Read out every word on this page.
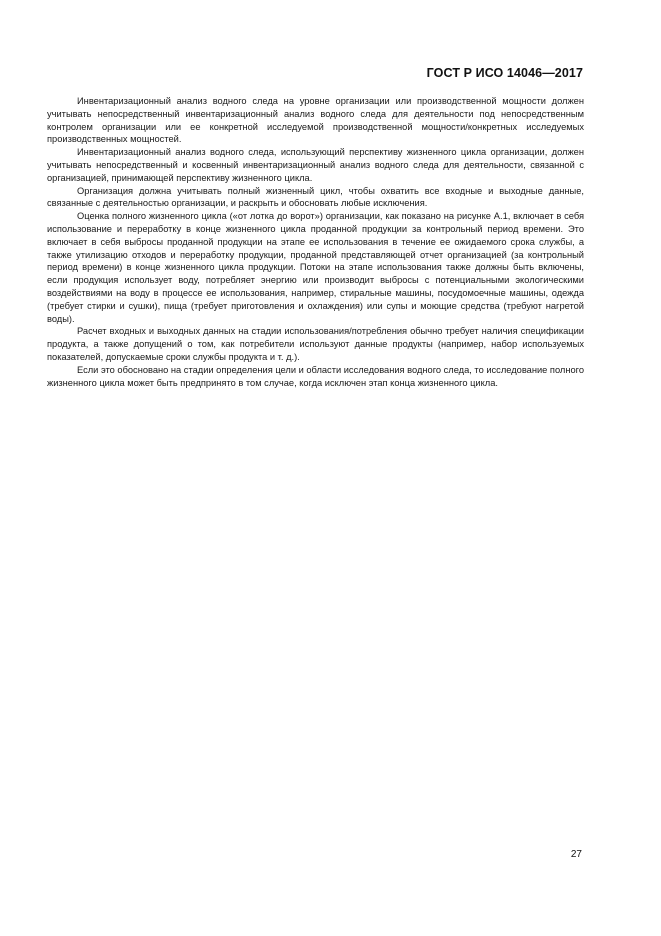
ГОСТ Р ИСО 14046—2017

Инвентаризационный анализ водного следа на уровне организации или производственной мощности должен учитывать непосредственный инвентаризационный анализ водного следа для деятельности под непосредственным контролем организации или ее конкретной исследуемой производственной мощности/конкретных исследуемых производственных мощностей.

Инвентаризационный анализ водного следа, использующий перспективу жизненного цикла организации, должен учитывать непосредственный и косвенный инвентаризационный анализ водного следа для деятельности, связанной с организацией, принимающей перспективу жизненного цикла.

Организация должна учитывать полный жизненный цикл, чтобы охватить все входные и выходные данные, связанные с деятельностью организации, и раскрыть и обосновать любые исключения.

Оценка полного жизненного цикла («от лотка до ворот») организации, как показано на рисунке А.1, включает в себя использование и переработку в конце жизненного цикла проданной продукции за контрольный период времени. Это включает в себя выбросы проданной продукции на этапе ее использования в течение ее ожидаемого срока службы, а также утилизацию отходов и переработку продукции, проданной представляющей отчет организацией (за контрольный период времени) в конце жизненного цикла продукции. Потоки на этапе использования также должны быть включены, если продукция использует воду, потребляет энергию или производит выбросы с потенциальными экологическими воздействиями на воду в процессе ее использования, например, стиральные машины, посудомоечные машины, одежда (требует стирки и сушки), пища (требует приготовления и охлаждения) или супы и моющие средства (требуют нагретой воды).

Расчет входных и выходных данных на стадии использования/потребления обычно требует наличия спецификации продукта, а также допущений о том, как потребители используют данные продукты (например, набор используемых показателей, допускаемые сроки службы продукта и т. д.).

Если это обосновано на стадии определения цели и области исследования водного следа, то исследование полного жизненного цикла может быть предпринято в том случае, когда исключен этап конца жизненного цикла.

27
